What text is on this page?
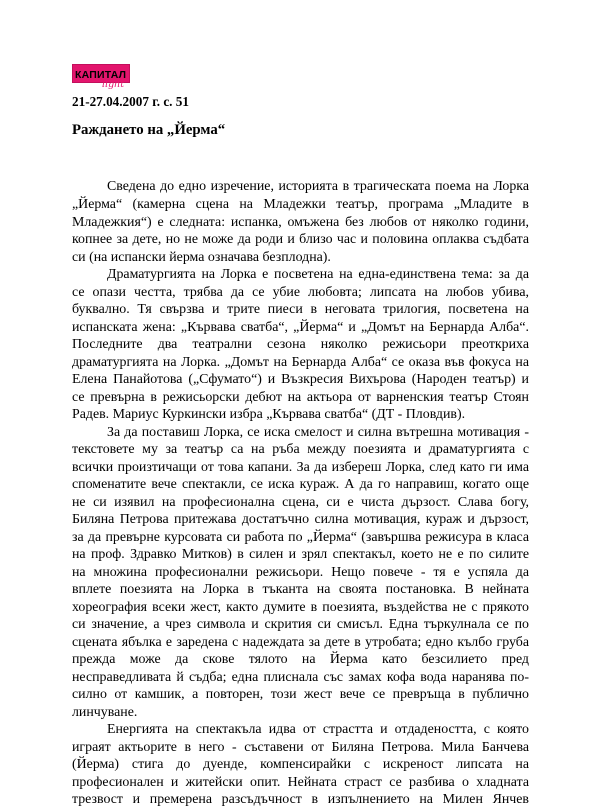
КАПИТАЛ
light
21-27.04.2007 г. с. 51
Раждането на „Йерма“
Сведена до едно изречение, историята в трагическата поема на Лорка
„Йерма“ (камерна сцена на Младежки театър, програма „Младите в
Младежкия“) е следната: испанка, омъжена без любов от няколко години,
копнее за дете, но не може да роди и близо час и половина оплаква съдбата
си (на испански йерма означава безплодна).
Драматургията на Лорка е посветена на една-единствена тема: за да
се опази честта, трябва да се убие любовта; липсата на любов убива,
буквално. Тя свързва и трите пиеси в неговата трилогия, посветена на
испанската жена: „Кървава сватба“, „Йерма“ и „Домът на Бернарда Алба“.
Последните два театрални сезона няколко режисьори преоткриха
драматургията на Лорка. „Домът на Бернарда Алба“ се оказа във фокуса на
Елена Панайотова („Сфумато“) и Възкресия Вихърова (Народен театър) и
се превърна в режисьорски дебют на актьора от варненския театър Стоян
Радев. Мариус Куркински избра „Кървава сватба“ (ДТ - Пловдив).
За да поставиш Лорка, се иска смелост и силна вътрешна мотивация -
текстовете му за театър са на ръба между поезията и драматургията с
всички произтичащи от това капани. За да избереш Лорка, след като ги има
споменатите вече спектакли, се иска кураж. А да го направиш, когато още
не си изявил на професионална сцена, си е чиста дързост. Слава богу,
Биляна Петрова притежава достатъчно силна мотивация, кураж и дързост,
за да превърне курсовата си работа по „Йерма“ (завършва режисура в класа
на проф. Здравко Митков) в силен и зрял спектакъл, което не е по силите
на множина професионални режисьори. Нещо повече - тя е успяла да
вплете поезията на Лорка в тъканта на своята постановка. В нейната
хореография всеки жест, както думите в поезията, въздейства не с прякото
си значение, а чрез символа и скрития си смисъл. Една търкулнала се по
сцената ябълка е заредена с надеждата за дете в утробата; едно кълбо груба
прежда може да скове тялото на Йерма като безсилието пред
несправедливата й съдба; една плиснала със замах кофа вода наранява по-
силно от камшик, а повторен, този жест вече се превръща в публично
линчуване.
Енергията на спектакъла идва от страстта и отдадеността, с която
играят актьорите в него - съставени от Биляна Петрова. Мила Банчева
(Йерма) стига до дуенде, компенсирайки с искреност липсата на
професионален и житейски опит. Нейната страст се разбива о хладната
трезвост и премерена разсъдъчност в изпълнението на Милен Янчев
